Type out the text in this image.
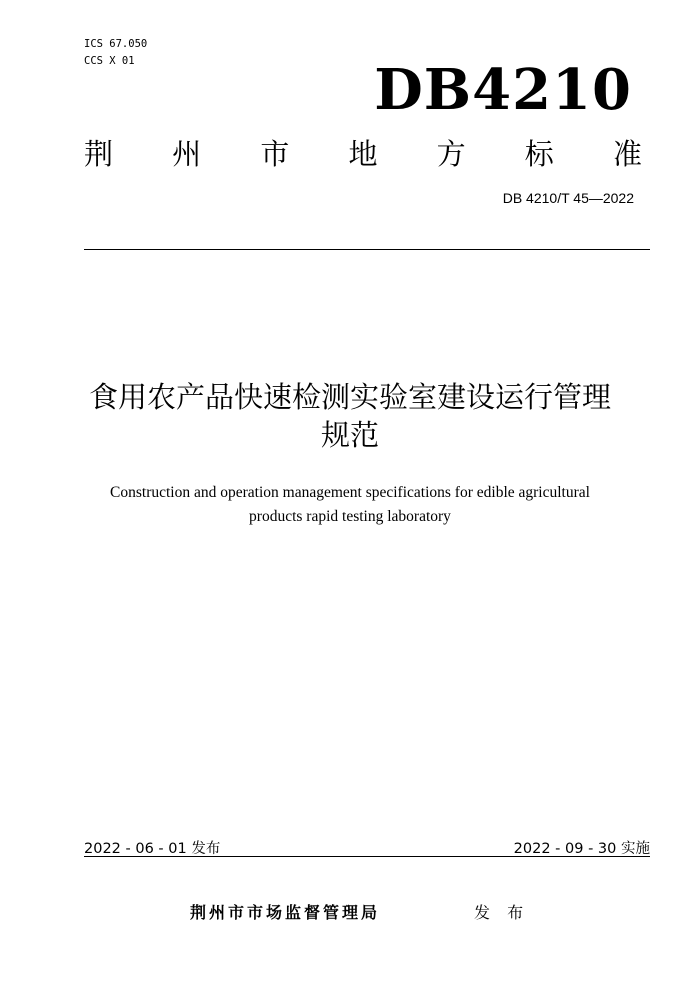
ICS 67.050
CCS X 01	DB4210
荆 州 市 地 方 标 准
DB 4210/T 45—2022
食用农产品快速检测实验室建设运行管理
规范
Construction and operation management specifications for edible agricultural
products rapid testing laboratory
2022 - 06 - 01 发布	2022 - 09 - 30 实施
荆州市市场监督管理局	发 布
